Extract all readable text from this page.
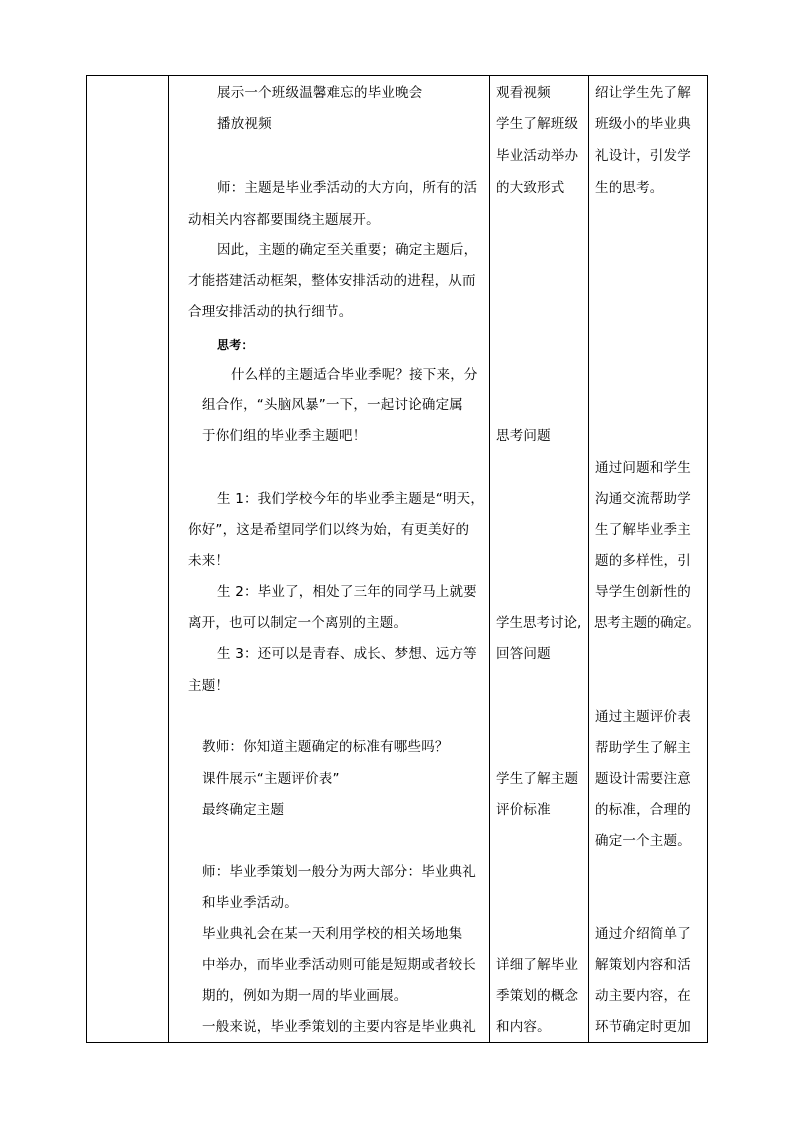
展示一个班级温馨难忘的毕业晚会
播放视频
师：主题是毕业季活动的大方向，所有的活
动相关内容都要围绕主题展开。
因此，主题的确定至关重要；确定主题后，
才能搭建活动框架，整体安排活动的进程，从而
合理安排活动的执行细节。
思考：
什么样的主题适合毕业季呢？接下来，分
组合作，“头脑风暴”一下，一起讨论确定属
于你们组的毕业季主题吧！
生 1：我们学校今年的毕业季主题是“明天，
你好”，这是希望同学们以终为始，有更美好的
未来！
生 2：毕业了，相处了三年的同学马上就要
离开，也可以制定一个离别的主题。
生 3：还可以是青春、成长、梦想、远方等
主题！
教师：你知道主题确定的标准有哪些吗？
课件展示“主题评价表”
最终确定主题
师：毕业季策划一般分为两大部分：毕业典礼
和毕业季活动。
毕业典礼会在某一天利用学校的相关场地集
中举办，而毕业季活动则可能是短期或者较长
期的，例如为期一周的毕业画展。
一般来说，毕业季策划的主要内容是毕业典礼
观看视频
学生了解班级
毕业活动举办
的大致形式
思考问题
学生思考讨论,
回答问题
学生了解主题
评价标准
详细了解毕业
季策划的概念
和内容。
绍让学生先了解
班级小的毕业典
礼设计，引发学
生的思考。
通过问题和学生
沟通交流帮助学
生了解毕业季主
题的多样性，引
导学生创新性的
思考主题的确定。
通过主题评价表
帮助学生了解主
题设计需要注意
的标准，合理的
确定一个主题。
通过介绍简单了
解策划内容和活
动主要内容，在
环节确定时更加
